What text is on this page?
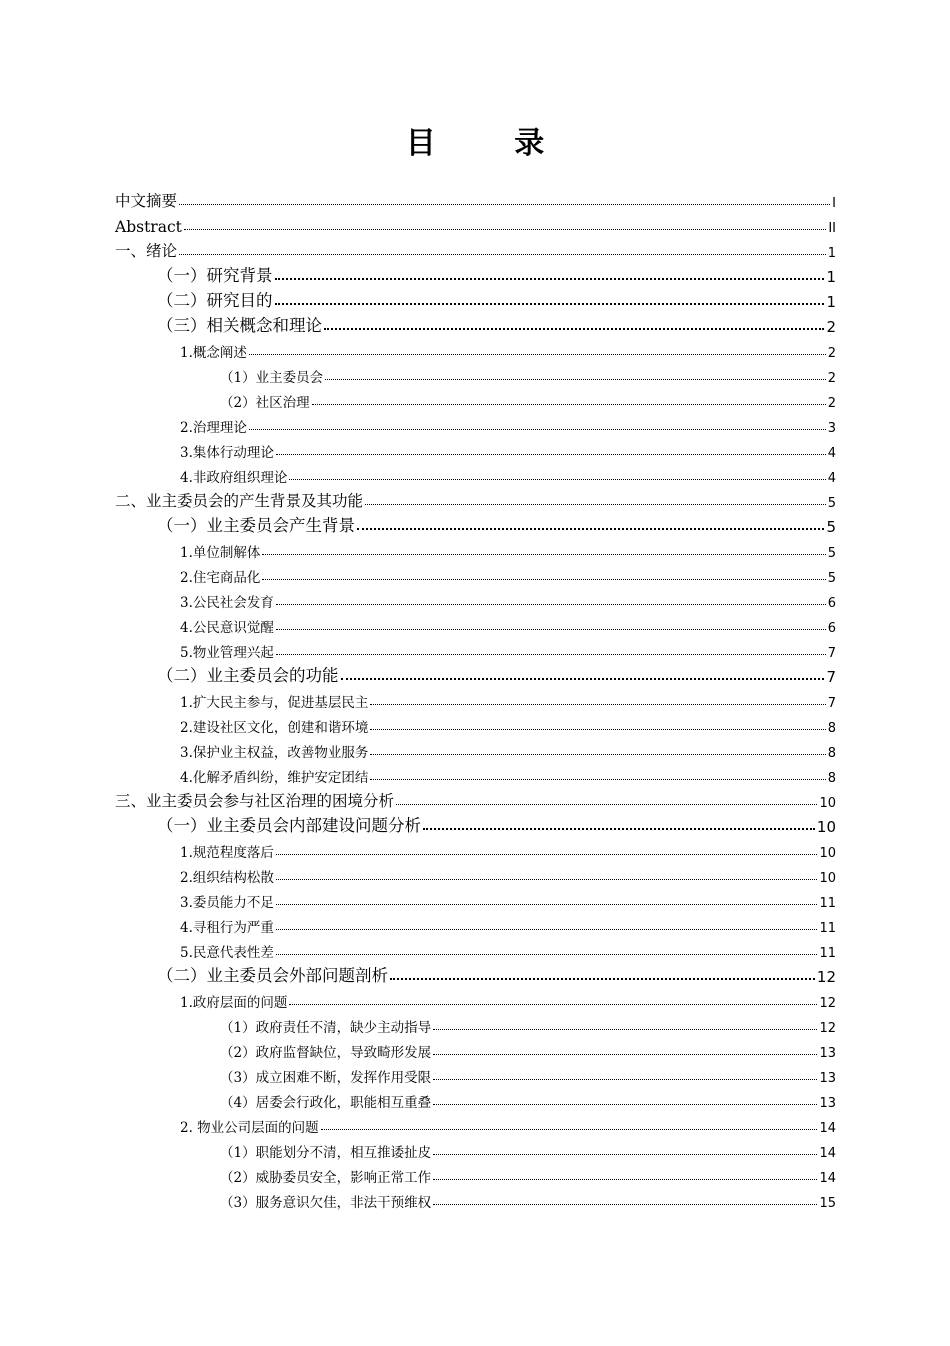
目 录
中文摘要	I
Abstract	II
一、绪论	1
（一）研究背景	1
（二）研究目的	1
（三）相关概念和理论	2
1.概念阐述	2
（1）业主委员会	2
（2）社区治理	2
2.治理理论	3
3.集体行动理论	4
4.非政府组织理论	4
二、业主委员会的产生背景及其功能	5
（一）业主委员会产生背景	5
1.单位制解体	5
2.住宅商品化	5
3.公民社会发育	6
4.公民意识觉醒	6
5.物业管理兴起	7
（二）业主委员会的功能	7
1.扩大民主参与，促进基层民主	7
2.建设社区文化，创建和谐环境	8
3.保护业主权益，改善物业服务	8
4.化解矛盾纠纷，维护安定团结	8
三、业主委员会参与社区治理的困境分析	10
（一）业主委员会内部建设问题分析	10
1.规范程度落后	10
2.组织结构松散	10
3.委员能力不足	11
4.寻租行为严重	11
5.民意代表性差	11
（二）业主委员会外部问题剖析	12
1.政府层面的问题	12
（1）政府责任不清，缺少主动指导	12
（2）政府监督缺位，导致畸形发展	13
（3）成立困难不断，发挥作用受限	13
（4）居委会行政化，职能相互重叠	13
2. 物业公司层面的问题	14
（1）职能划分不清，相互推诿扯皮	14
（2）威胁委员安全，影响正常工作	14
（3）服务意识欠佳，非法干预维权	15
